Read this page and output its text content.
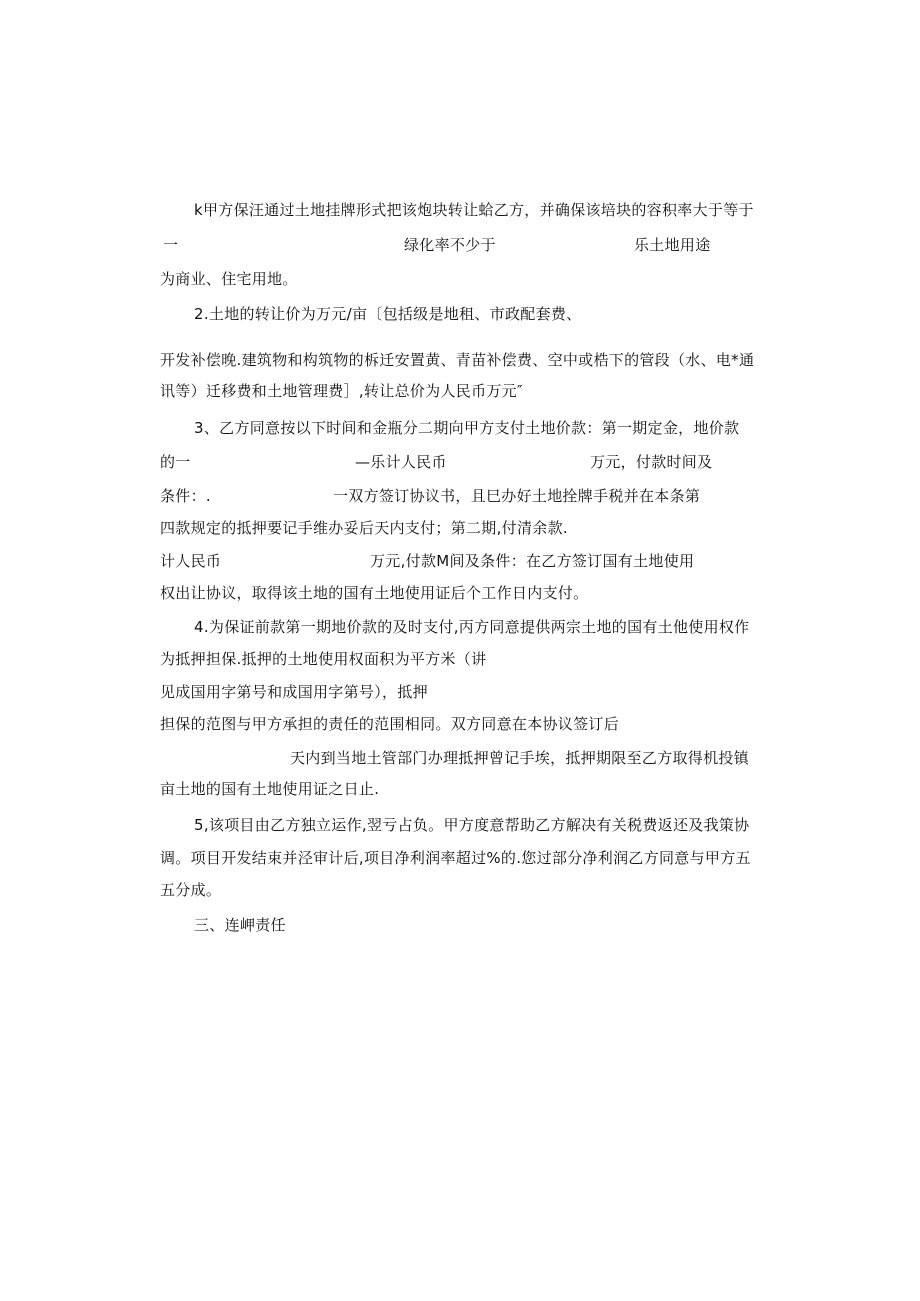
k甲方保汪通过土地挂牌形式把该炮块转让蛤乙方，并确保该培块的容积率大于等于
一	绿化率不少于	乐土地用途
为商业、住宅用地。
2.土地的转让价为万元/亩〔包括级是地租、市政配套费、
开发补偿晚.建筑物和构筑物的柝迁安置黄、青苗补偿费、空中或梏下的管段（水、电*通
讯等）迁移费和土地管理费］,转让总价为人民币万元″
3、乙方同意按以下时间和金瓶分二期向甲方支付土地价款：第一期定金，地价款
的一	—乐计人民币	万元，付款时间及
条件：.	一双方签订协议书，且巳办好土地拴牌手税并在本条第
四款规定的抵押要记手维办妥后天内支付；第二期,付清余款.
计人民币	万元,付款M间及条件：在乙方签订国有土地使用
权出让协议，取得该土地的国有土地使用证后个工作日内支付。
4.为保证前款第一期地价款的及时支付,丙方同意提供两宗土地的国有土他使用权作
为抵押担保.抵押的土地使用权面积为平方米（讲
见成国用字第号和成国用字第号），抵押
担保的范图与甲方承担的责任的范围相同。双方同意在本协议签订后
天内到当地土管部门办理抵押曾记手埃，抵押期限至乙方取得机投镇
亩土地的国有土地使用证之日止.
5,该项目由乙方独立运作,翌亏占负。甲方度意帮助乙方解决有关税费返还及我策协
调。项目开发结束并泾审计后,项目净利润率超过%的.您过部分净利润乙方同意与甲方五
五分成。
三、连岬责任
